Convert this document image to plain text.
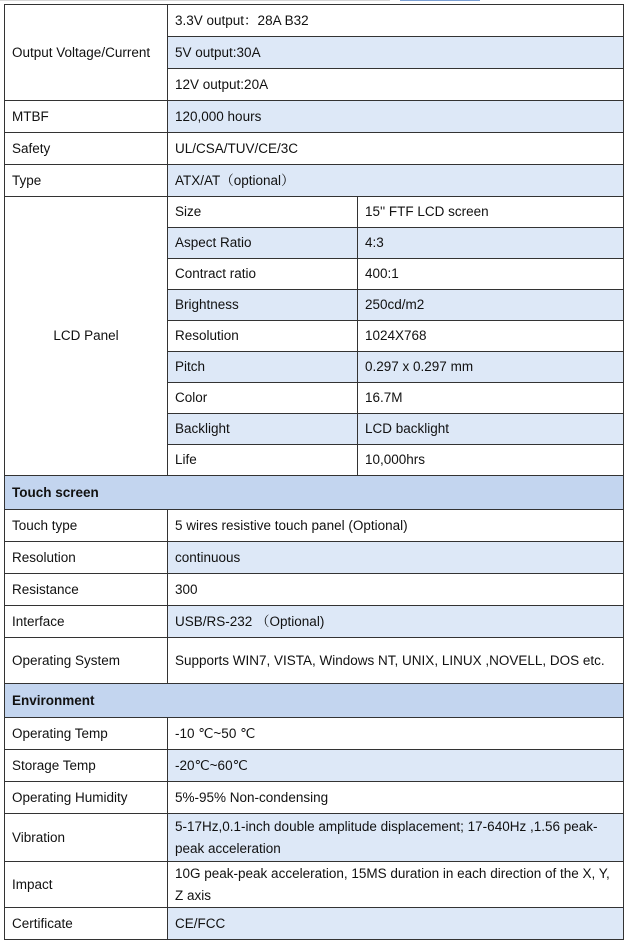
Output Voltage/Current	3.3V output：28A B32	
	5V output:30A	
	12V output:20A	
MTBF	120,000 hours	
Safety	UL/CSA/TUV/CE/3C	
Type	ATX/AT（optional）	
LCD Panel	Size	15'' FTF LCD screen
	Aspect Ratio	4:3
	Contract ratio	400:1
	Brightness	250cd/m2
	Resolution	1024X768
	Pitch	0.297 x 0.297 mm
	Color	16.7M
	Backlight	LCD backlight
	Life	10,000hrs
Touch screen		
Touch type	5 wires resistive touch panel (Optional)	
Resolution	continuous	
Resistance	300	
Interface	USB/RS-232 （Optional)	
Operating System	Supports WIN7, VISTA, Windows NT, UNIX, LINUX ,NOVELL, DOS etc.	
Environment		
Operating Temp	-10 ℃~50 ℃	
Storage Temp	-20℃~60℃	
Operating Humidity	5%-95% Non-condensing	
Vibration	5-17Hz,0.1-inch double amplitude displacement; 17-640Hz ,1.56 peak-peak acceleration	
Impact	10G peak-peak acceleration, 15MS duration in each direction of the X, Y, Z axis	
Certificate	CE/FCC	
